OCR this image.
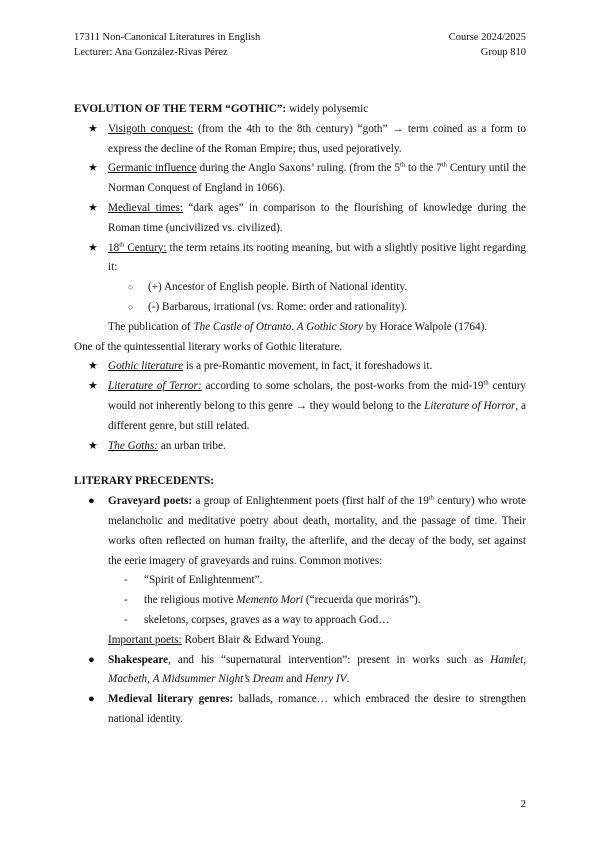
17311 Non-Canonical Literatures in English	Course 2024/2025
Lecturer: Ana González-Rivas Pérez	Group 810
EVOLUTION OF THE TERM “GOTHIC”: widely polysemic
★ Visigoth conquest: (from the 4th to the 8th century) “goth” → term coined as a form to express the decline of the Roman Empire; thus, used pejoratively.
★ Germanic influence during the Anglo Saxons’ ruling. (from the 5th to the 7th Century until the Norman Conquest of England in 1066).
★ Medieval times: “dark ages” in comparison to the flourishing of knowledge during the Roman time (uncivilized vs. civilized).
★ 18th Century: the term retains its rooting meaning, but with a slightly positive light regarding it:
○	(+) Ancestor of English people. Birth of National identity.
○	(-) Barbarous, irrational (vs. Rome: order and rationality).
The publication of The Castle of Otranto. A Gothic Story by Horace Walpole (1764).
One of the quintessential literary works of Gothic literature.
★ Gothic literature is a pre-Romantic movement, in fact, it foreshadows it.
★ Literature of Terror: according to some scholars, the post-works from the mid-19th century would not inherently belong to this genre → they would belong to the Literature of Horror, a different genre, but still related.
★ The Goths: an urban tribe.
LITERARY PRECEDENTS:
●	Graveyard poets: a group of Enlightenment poets (first half of the 19th century) who wrote melancholic and meditative poetry about death, mortality, and the passage of time. Their works often reflected on human frailty, the afterlife, and the decay of the body, set against the eerie imagery of graveyards and ruins. Common motives:
-	“Spirit of Enlightenment”.
-	the religious motive Memento Mori (“recuerda que morirás”).
-	skeletons, corpses, graves as a way to approach God…
Important poets: Robert Blair & Edward Young.
●	Shakespeare, and his “supernatural intervention”: present in works such as Hamlet, Macbeth, A Midsummer Night’s Dream and Henry IV.
●	Medieval literary genres: ballads, romance… which embraced the desire to strengthen national identity.
2
